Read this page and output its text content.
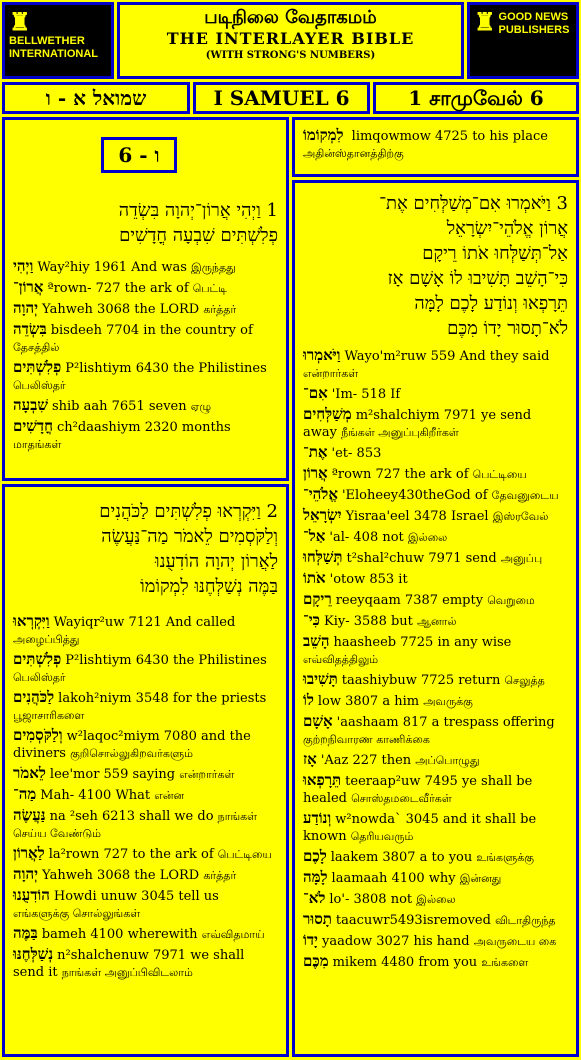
♜
BELLWETHER INTERNATIONAL
படிநிலை வேதாகமம்
THE INTERLAYER BIBLE
(WITH STRONG'S NUMBERS)
♜ GOOD NEWS PUBLISHERS
שמואל א - ו	I SAMUEL 6	1 சாமுவேல் 6
ו - 6
1 וַיְהִי אֲרוֹן־יְהוָה בִּשְׂדֵה
פְלִשְׁתִּים שִׁבְעָה חֳדָשִׁים
וַיְהִי Way²hiy 1961 And was இருந்தது
אֲרוֹן־ ªrown- 727 the ark of பெட்டி
יְהוָה Yahweh 3068 the LORD கர்த்தர்
בִּשְׂדֵה bisdeeh 7704 in the country of தேசத்தில்
פְלִשְׁתִּים P²lishtiym 6430 the Philistines பெலிஸ்தர்
שִׁבְעָה shib aah 7651 seven ஏழு
חֳדָשִׁים ch²daashiym 2320 months மாதங்கள்
2 וַיִּקְרְאוּ פְלִשְׁתִּים לַכֹּהֲנִים
וְלַקֹּסְמִים לֵאמֹר מַה־נַּעֲשֶׂה
לַאֲרוֹן יְהוָה הוֹדִעֻנוּ
בַּמֶּה נְשַׁלְּחֶנּוּ לִמְקוֹמוֹ
וַיִּקְרְאוּ Wayiqr²uw 7121 And called அழைப்பித்து
פְלִשְׁתִּים P²lishtiym 6430 the Philistines பெலிஸ்தர்
לַכֹּהֲנִים lakoh²niym 3548 for the priests பூஜாசாரிகளை
וְלַקֹּסְמִים w²laqoc²miym 7080 and the diviners குறிசொல்லுகிறவர்களும்
לֵאמֹר lee'mor 559 saying என்றார்கள்
מַה־ Mah- 4100 What என்ன
נַּעֲשֶׂה na ²seh 6213 shall we do நாங்கள் செய்ய வேண்டும்
לַאֲרוֹן la²rown 727 to the ark of பெட்டியை
יְהוָה Yahweh 3068 the LORD கர்த்தர்
הוֹדִעֻנוּ Howdi unuw 3045 tell us எங்களுக்கு சொல்லுங்கள்
בַּמֶּה bameh 4100 wherewith எவ்விதமாய்
נְשַׁלְּחֶנּוּ n²shalchenuw 7971 we shall send it நாங்கள் அனுப்பிவிடலாம்
לִמְקוֹמוֹ limqowmow 4725 to his place
அதின்ஸ்தானத்திற்கு
3 וַיֹּאמְרוּ אִם־מְשַׁלְּחִים אֶת־
אֲרוֹן אֱלֹהֵי־יִשְׂרָאֵל
אַל־תְּשַׁלְּחוּ אֹתוֹ רֵיקָם
כִּי־הָשֵׁב תָּשִׁיבוּ לוֹ אָשָׁם אָז
תֵּרָפְאוּ וְנוֹדַע לָכֶם לָמָּה
לֹא־תָסוּר יָדוֹ מִכֶּם
וַיֹּאמְרוּ Wayo'm²ruw 559 And they said என்றார்கள்
אִם־ 'Im- 518 If
מְשַׁלְּחִים m²shalchiym 7971 ye send away நீங்கள் அனுப்புகிறீர்கள்
אֶת־ 'et- 853
אֲרוֹן ªrown 727 the ark of பெட்டியை
אֱלֹהֵי־ 'Eloheey430theGod of தேவனுடைய
יִשְׂרָאֵל Yisraa'eel 3478 Israel இஸ்ரவேல்
אַל־ 'al- 408 not இல்லை
תְּשַׁלְּחוּ t²shal²chuw 7971 send அனுப்பு
אֹתוֹ 'otow 853 it
רֵיקָם reeyqaam 7387 empty வெறுமை
כִּי־ Kiy- 3588 but ஆனால்
הָשֵׁב haasheeb 7725 in any wise எவ்விதத்திலும்
תָּשִׁיבוּ taashiybuw 7725 return செலுத்த
לוֹ low 3807 a him அவருக்கு
אָשָׁם 'aashaam 817 a trespass offering குற்றநிவாரண காணிக்கை
אָז 'Aaz 227 then அப்பொழுது
תֵּרָפְאוּ teeraap²uw 7495 ye shall be healed சொஸ்தமடைவீர்கள்
וְנוֹדַע w²nowda` 3045 and it shall be known தெரியவரும்
לָכֶם laakem 3807 a to you உங்களுக்கு
לָמָּה laamaah 4100 why இன்னது
לֹא־ lo'- 3808 not இல்லை
תָסוּר taacuwr5493isremoved விடாதிருந்த
יָדוֹ yaadow 3027 his hand அவருடைய கை
מִכֶּם mikem 4480 from you உங்களை
